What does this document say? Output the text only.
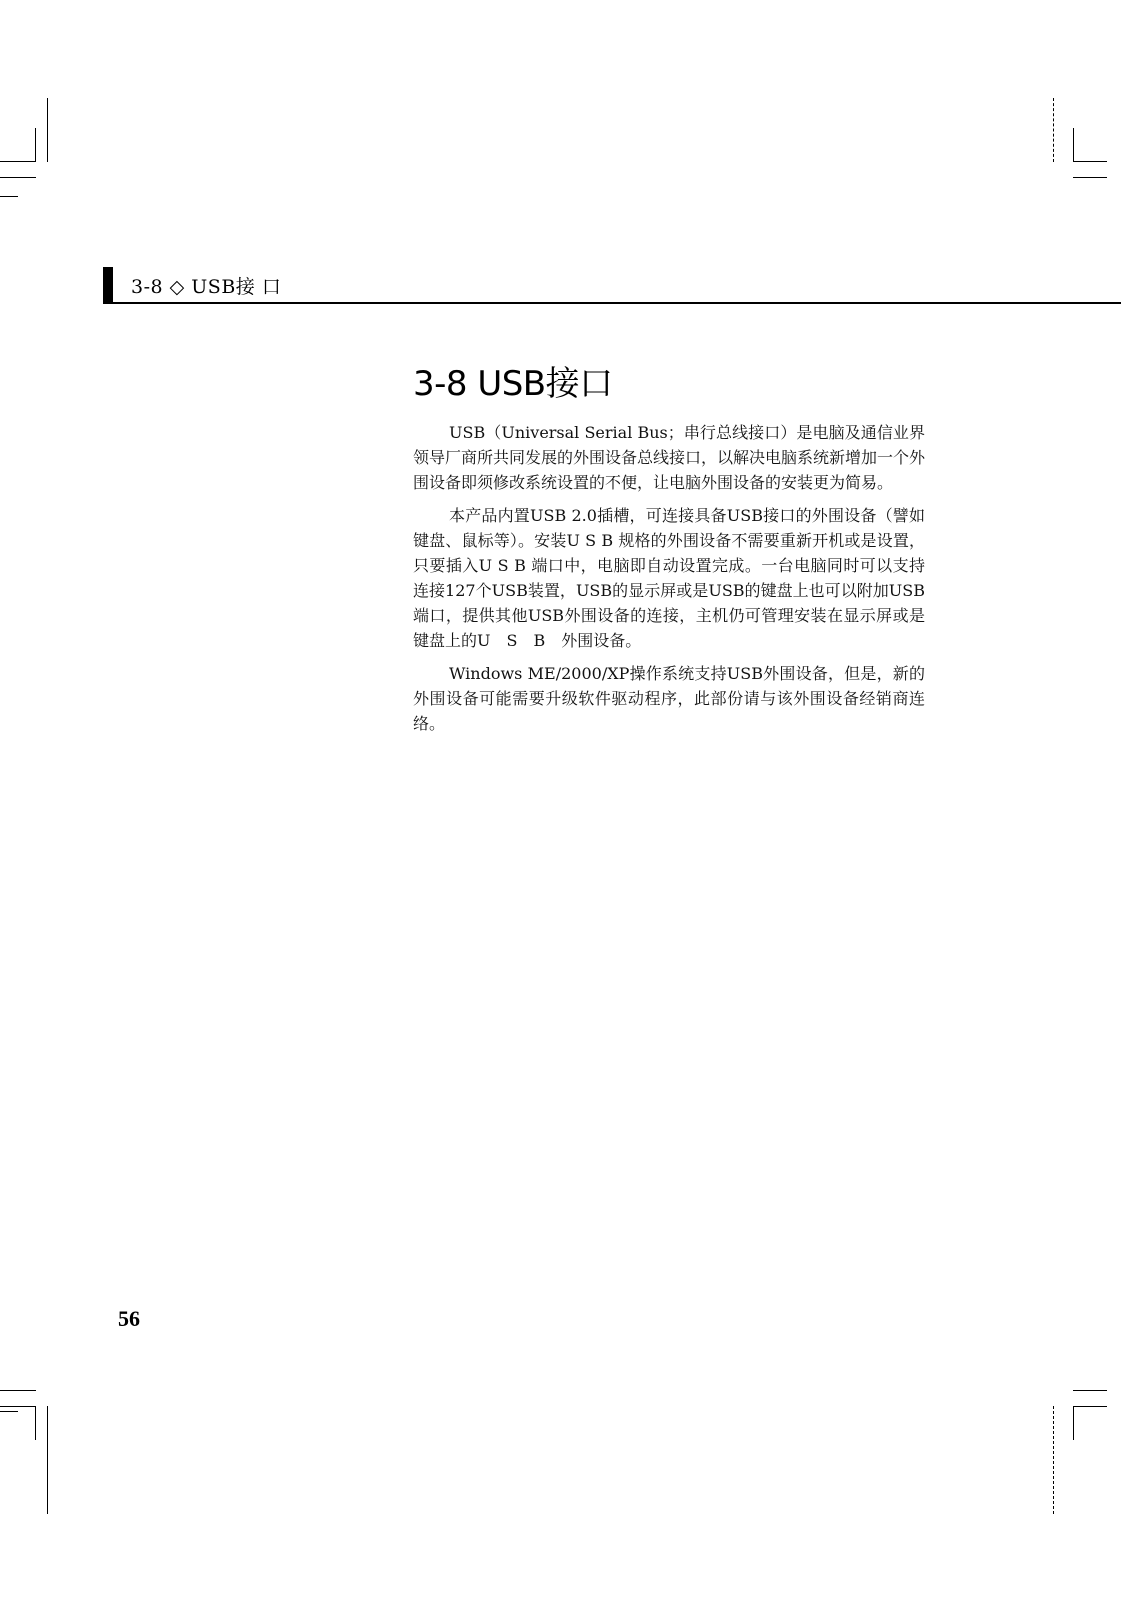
3-8 ◇ USB接 口
3-8 USB接口

USB（Universal Serial Bus；串行总线接口）是电脑及通信业界领导厂商所共同发展的外围设备总线接口，以解决电脑系统新增加一个外围设备即须修改系统设置的不便，让电脑外围设备的安装更为简易。

本产品内置USB 2.0插槽，可连接具备USB接口的外围设备（譬如键盘、鼠标等）。安装U S B 规格的外围设备不需要重新开机或是设置，只要插入U S B 端口中，电脑即自动设置完成。一台电脑同时可以支持连接127个USB装置，USB的显示屏或是USB的键盘上也可以附加USB端口，提供其他USB外围设备的连接，主机仍可管理安装在显示屏或是键盘上的U　S　B　外围设备。

Windows ME/2000/XP操作系统支持USB外围设备，但是，新的外围设备可能需要升级软件驱动程序，此部份请与该外围设备经销商连络。

56
